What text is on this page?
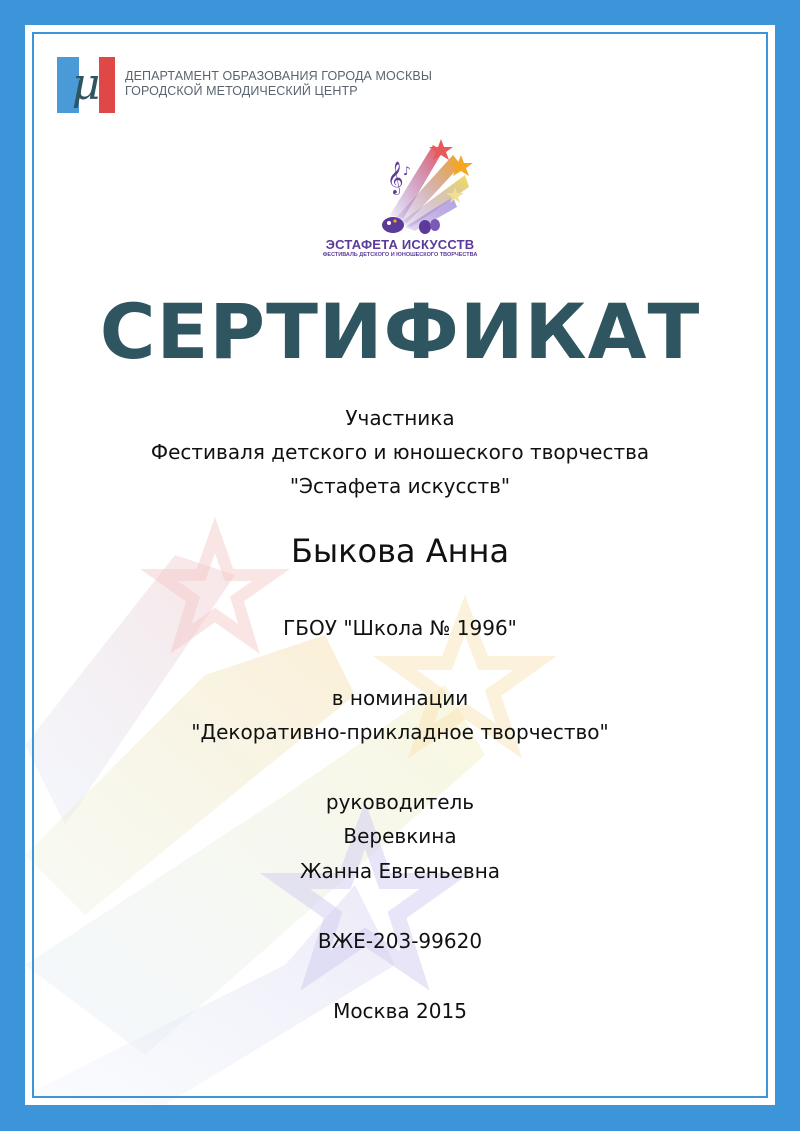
μ ДЕПАРТАМЕНТ ОБРАЗОВАНИЯ ГОРОДА МОСКВЫ
ГОРОДСКОЙ МЕТОДИЧЕСКИЙ ЦЕНТР
𝄞 ♪
ЭСТАФЕТА ИСКУССТВ
ФЕСТИВАЛЬ ДЕТСКОГО И ЮНОШЕСКОГО ТВОРЧЕСТВА
СЕРТИФИКАТ
Участника
Фестиваля детского и юношеского творчества
"Эстафета искусств"
Быкова Анна
ГБОУ "Школа № 1996"
в номинации
"Декоративно-прикладное творчество"
руководитель
Веревкина
Жанна Евгеньевна
ВЖЕ-203-99620
Москва 2015
